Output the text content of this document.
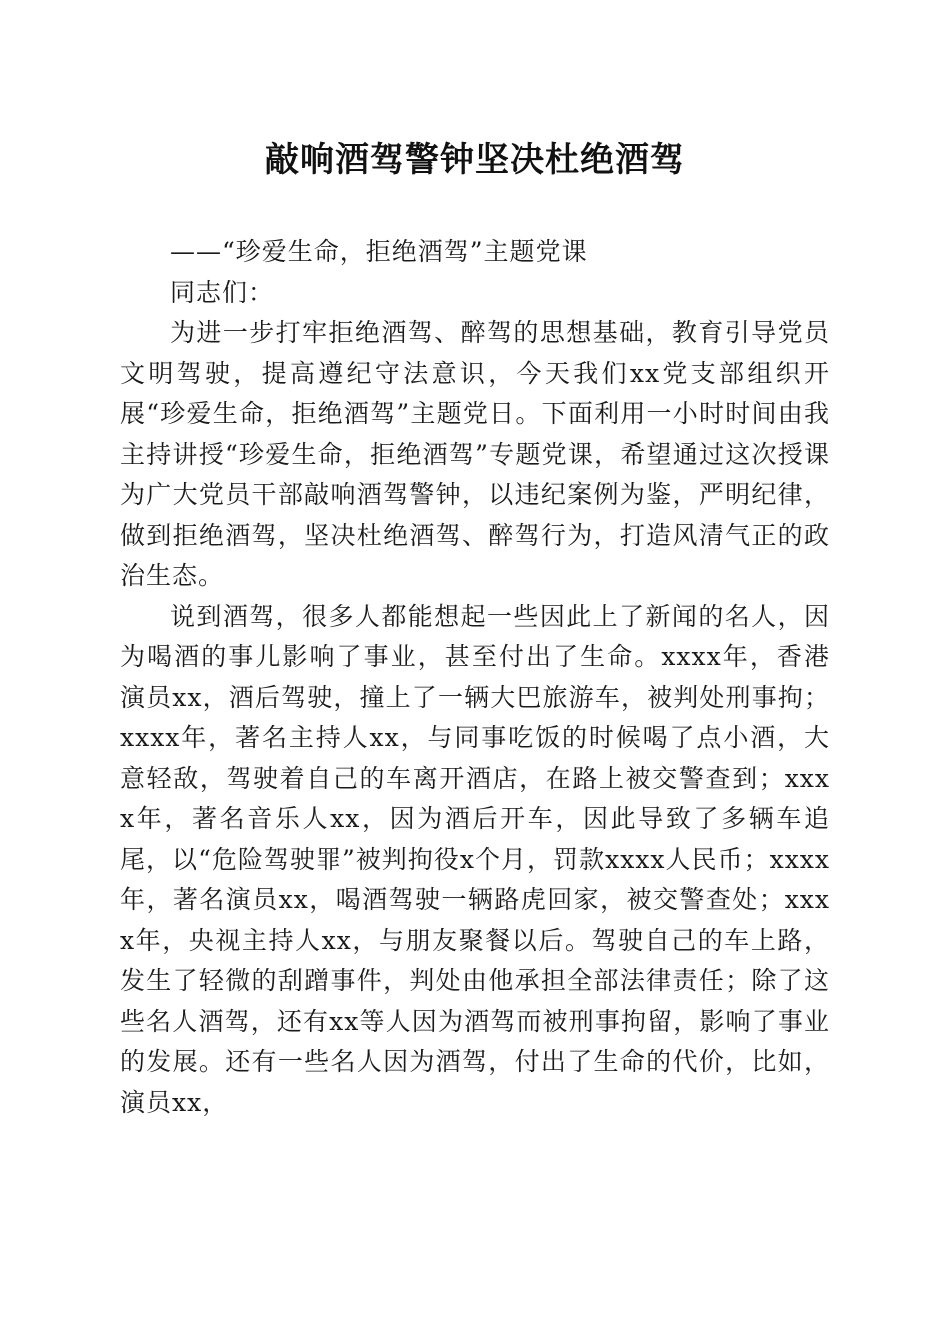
敲响酒驾警钟坚决杜绝酒驾

——“珍爱生命，拒绝酒驾”主题党课

同志们：

为进一步打牢拒绝酒驾、醉驾的思想基础，教育引导党员文明驾驶，提高遵纪守法意识，今天我们xx党支部组织开展“珍爱生命，拒绝酒驾”主题党日。下面利用一小时时间由我主持讲授“珍爱生命，拒绝酒驾”专题党课，希望通过这次授课为广大党员干部敲响酒驾警钟，以违纪案例为鉴，严明纪律，做到拒绝酒驾，坚决杜绝酒驾、醉驾行为，打造风清气正的政治生态。

说到酒驾，很多人都能想起一些因此上了新闻的名人，因为喝酒的事儿影响了事业，甚至付出了生命。xxxx年，香港演员xx，酒后驾驶，撞上了一辆大巴旅游车，被判处刑事拘；xxxx年，著名主持人xx，与同事吃饭的时候喝了点小酒，大意轻敌，驾驶着自己的车离开酒店，在路上被交警查到；xxxx年，著名音乐人xx，因为酒后开车，因此导致了多辆车追尾，以“危险驾驶罪”被判拘役x个月，罚款xxxx人民币；xxxx年，著名演员xx，喝酒驾驶一辆路虎回家，被交警查处；xxxx年，央视主持人xx，与朋友聚餐以后。驾驶自己的车上路，发生了轻微的刮蹭事件，判处由他承担全部法律责任；除了这些名人酒驾，还有xx等人因为酒驾而被刑事拘留，影响了事业的发展。还有一些名人因为酒驾，付出了生命的代价，比如，演员xx，
